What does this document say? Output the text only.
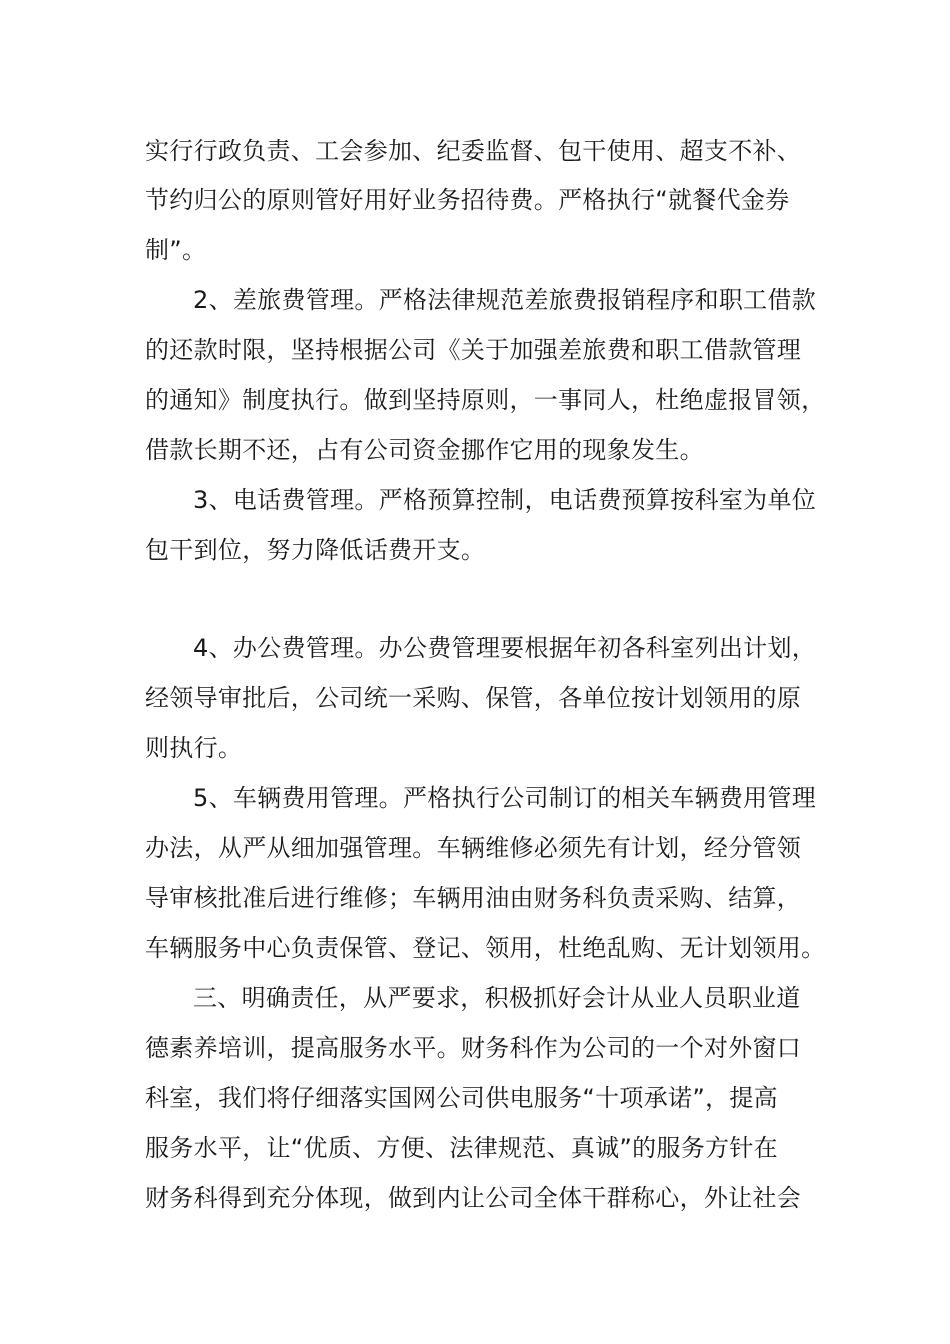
实行行政负责、工会参加、纪委监督、包干使用、超支不补、

节约归公的原则管好用好业务招待费。严格执行“就餐代金券

制”。

2、差旅费管理。严格法律规范差旅费报销程序和职工借款

的还款时限，坚持根据公司《关于加强差旅费和职工借款管理

的通知》制度执行。做到坚持原则，一事同人，杜绝虚报冒领，

借款长期不还，占有公司资金挪作它用的现象发生。

3、电话费管理。严格预算控制，电话费预算按科室为单位

包干到位，努力降低话费开支。

4、办公费管理。办公费管理要根据年初各科室列出计划，

经领导审批后，公司统一采购、保管，各单位按计划领用的原

则执行。

5、车辆费用管理。严格执行公司制订的相关车辆费用管理

办法，从严从细加强管理。车辆维修必须先有计划，经分管领

导审核批准后进行维修；车辆用油由财务科负责采购、结算，

车辆服务中心负责保管、登记、领用，杜绝乱购、无计划领用。

三、明确责任，从严要求，积极抓好会计从业人员职业道

德素养培训，提高服务水平。财务科作为公司的一个对外窗口

科室，我们将仔细落实国网公司供电服务“十项承诺”，提高

服务水平，让“优质、方便、法律规范、真诚”的服务方针在

财务科得到充分体现，做到内让公司全体干群称心，外让社会
